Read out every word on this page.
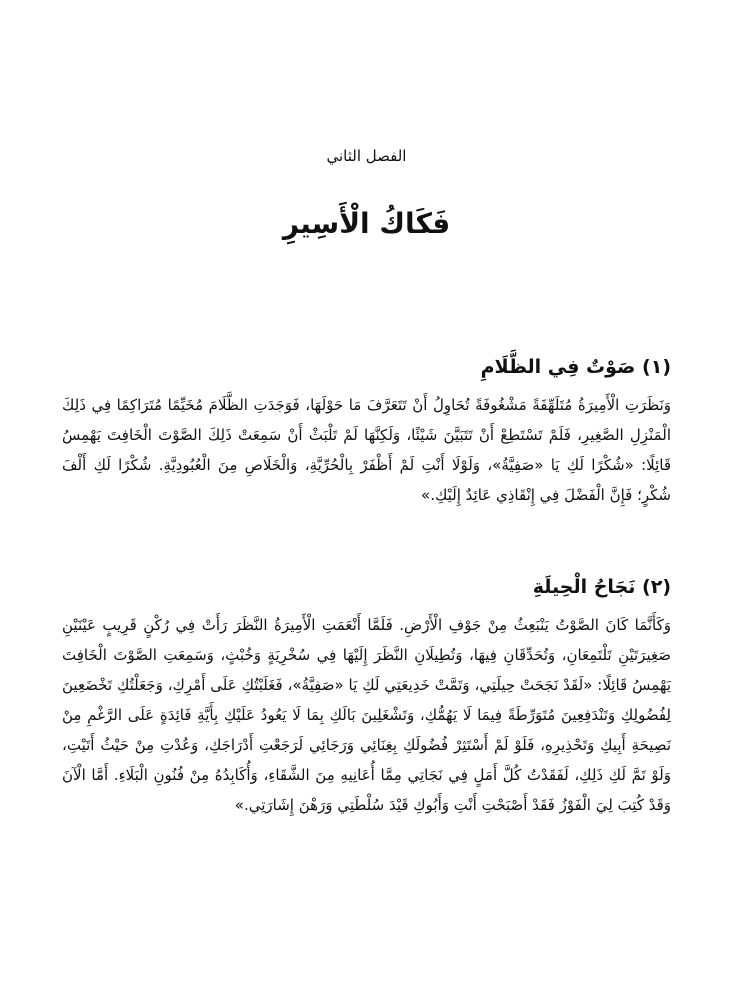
الفصل الثاني

فَكَاكُ الْأَسِيرِ
(١) صَوْتٌ فِي الظَّلَامِ

وَنَظَرَتِ الْأَمِيرَةُ مُتَلَهِّفَةً مَشْغُوفَةً تُحَاوِلُ أَنْ تَتَعَرَّفَ مَا حَوْلَهَا، فَوَجَدَتِ الظَّلَامَ مُخَيِّمًا مُتَرَاكِمًا فِي ذَلِكَ الْمَنْزِلِ الصَّغِيرِ، فَلَمْ تَسْتَطِعْ أَنْ تَتَبَيَّنَ شَيْئًا، وَلَكِنَّهَا لَمْ تَلْبَثْ أَنْ سَمِعَتْ ذَلِكَ الصَّوْتَ الْخَافِتَ يَهْمِسُ قَائِلًا: «شُكْرًا لَكِ يَا «صَفِيَّةُ»، وَلَوْلَا أَنْتِ لَمْ أَظْفَرْ بِالْحُرِّيَّةِ، وَالْخَلَاصِ مِنَ الْعُبُودِيَّةِ. شُكْرًا لَكِ أَلْفَ شُكْرٍ؛ فَإِنَّ الْفَضْلَ فِي إِنْقَاذِي عَائِدٌ إِلَيْكِ.»

(٢) نَجَاحُ الْحِيلَةِ

وَكَأَنَّمَا كَانَ الصَّوْتُ يَنْبَعِثُ مِنْ جَوْفِ الْأَرْضِ. فَلَمَّا أَنْعَمَتِ الْأَمِيرَةُ النَّظَرَ رَأَتْ فِي رُكْنٍ قَرِيبٍ عَيْنَيْنِ صَغِيرَتَيْنِ تَلْتَمِعَانِ، وَتُحَدِّقَانِ فِيهَا، وَتُطِيلَانِ النَّظَرَ إِلَيْهَا فِي سُخْرِيَةٍ وَخُبْثٍ، وَسَمِعَتِ الصَّوْتَ الْخَافِتَ يَهْمِسُ قَائِلًا: «لَقَدْ نَجَحَتْ حِيلَتِي، وَتَمَّتْ خَدِيعَتِي لَكِ يَا «صَفِيَّةُ»، فَغَلَبْتُكِ عَلَى أَمْرِكِ، وَجَعَلْتُكِ تَخْضَعِينَ لِفُضُولِكِ وَتَنْدَفِعِينَ مُتَوَرِّطَةً فِيمَا لَا يَهُمُّكِ، وَتَشْغَلِينَ بَالَكِ بِمَا لَا يَعُودُ عَلَيْكِ بِأَيَّةِ فَائِدَةٍ عَلَى الرَّغْمِ مِنْ نَصِيحَةِ أَبِيكِ وَتَحْذِيرِهِ، فَلَوْ لَمْ أَسْتَثِرْ فُضُولَكِ بِغِنَائِي وَرَجَائِي لَرَجَعْتِ أَدْرَاجَكِ، وَعُدْتِ مِنْ حَيْثُ أَتَيْتِ، وَلَوْ تَمَّ لَكِ ذَلِكِ، لَفَقَدْتُ كُلَّ أَمَلٍ فِي نَجَاتِي مِمَّا أُعَانِيهِ مِنَ الشَّقَاءِ، وَأُكَابِدُهُ مِنْ فُنُونِ الْبَلَاءِ. أَمَّا الْآنَ وَقَدْ كُتِبَ لِيَ الْفَوْزُ فَقَدْ أَصْبَحْتِ أَنْتِ وَأَبُوكِ قَيْدَ سُلْطَتِي وَرَهْنَ إِشَارَتِي.»
